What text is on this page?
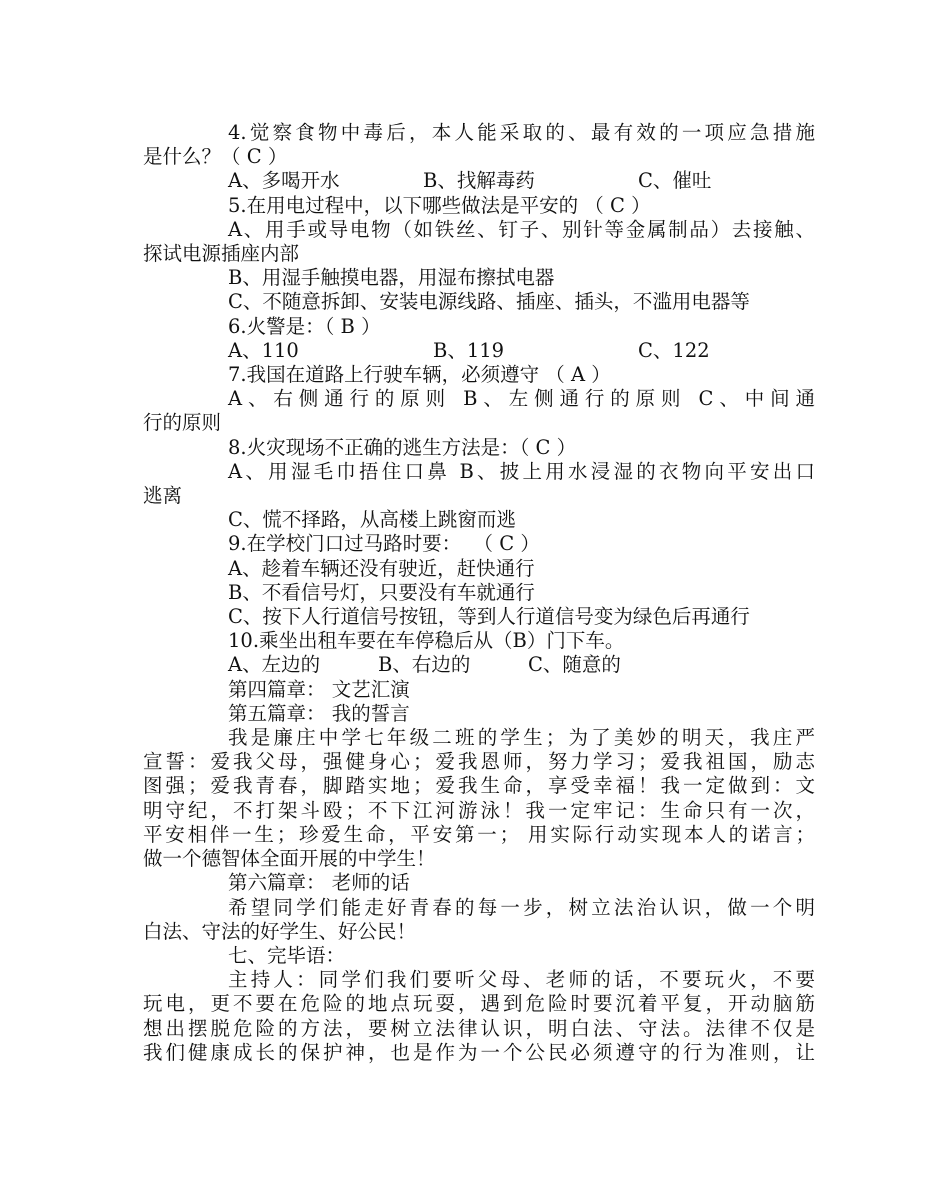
4.觉察食物中毒后，本人能采取的、最有效的一项应急措施
是什么？（ C ）
A、多喝开水	B、找解毒药	C、催吐
5.在用电过程中，以下哪些做法是平安的 （ C ）
A、用手或导电物（如铁丝、钉子、别针等金属制品）去接触、
探试电源插座内部
B、用湿手触摸电器，用湿布擦拭电器
C、不随意拆卸、安装电源线路、插座、插头，不滥用电器等
6.火警是：（ B ）
A、110	B、119	C、122
7.我国在道路上行驶车辆，必须遵守 （ A ）
A、右侧通行的原则 B、左侧通行的原则 C、中间通
行的原则
8.火灾现场不正确的逃生方法是：（ C ）
A、用湿毛巾捂住口鼻 B、披上用水浸湿的衣物向平安出口
逃离
C、慌不择路，从高楼上跳窗而逃
9.在学校门口过马路时要：  （ C ）
A、趁着车辆还没有驶近，赶快通行
B、不看信号灯，只要没有车就通行
C、按下人行道信号按钮，等到人行道信号变为绿色后再通行
10.乘坐出租车要在车停稳后从（B）门下车。
A、左边的	B、右边的	C、随意的
第四篇章： 文艺汇演
第五篇章： 我的誓言
我是廉庄中学七年级二班的学生；为了美妙的明天，我庄严
宣誓：爱我父母，强健身心；爱我恩师，努力学习；爱我祖国，励志
图强；爱我青春，脚踏实地；爱我生命，享受幸福！我一定做到：文
明守纪，不打架斗殴；不下江河游泳！我一定牢记：生命只有一次，
平安相伴一生；珍爱生命，平安第一； 用实际行动实现本人的诺言；
做一个德智体全面开展的中学生！
第六篇章： 老师的话
希望同学们能走好青春的每一步，树立法治认识，做一个明
白法、守法的好学生、好公民！
七、完毕语：
主持人：同学们我们要听父母、老师的话，不要玩火，不要
玩电，更不要在危险的地点玩耍，遇到危险时要沉着平复，开动脑筋
想出摆脱危险的方法，要树立法律认识，明白法、守法。法律不仅是
我们健康成长的保护神，也是作为一个公民必须遵守的行为准则，让
